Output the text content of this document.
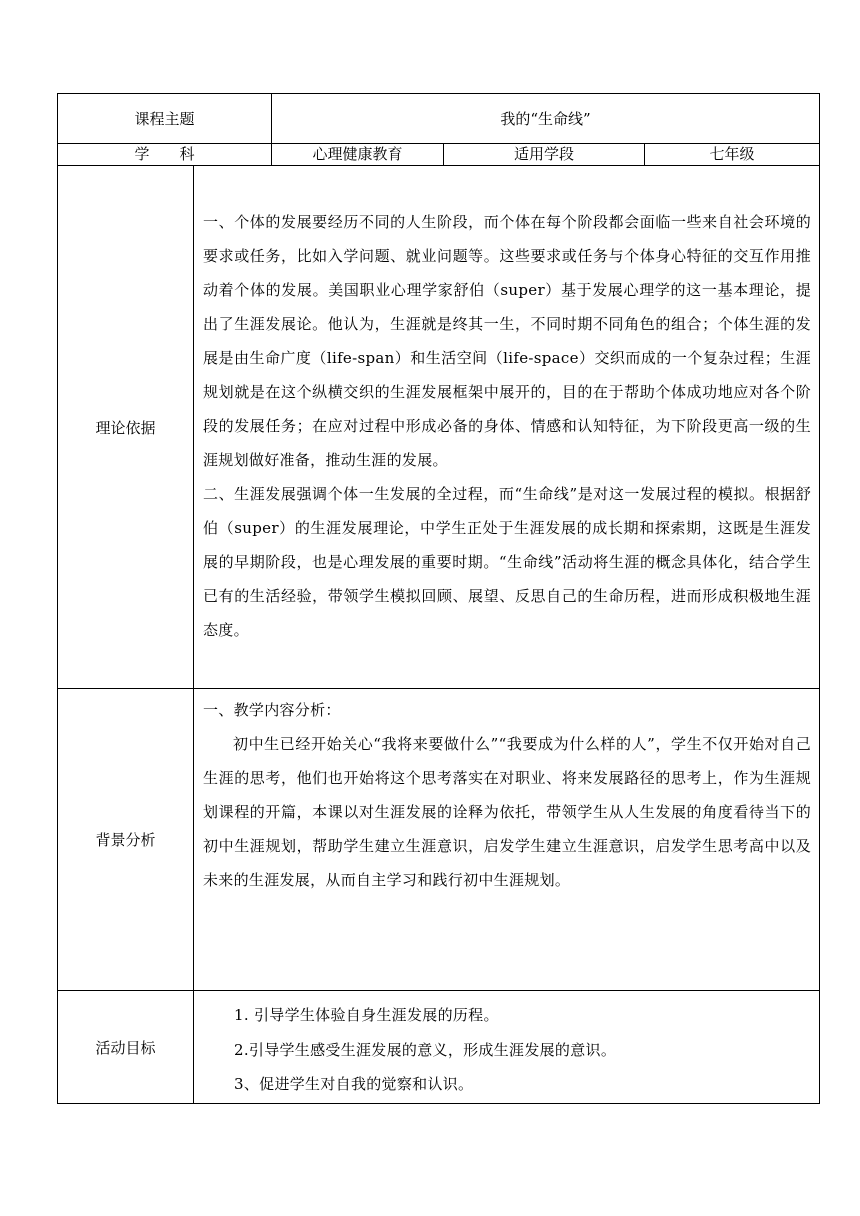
课程主题		我的“生命线”		
学　　科		心理健康教育	适用学段	七年级
理论依据	一、个体的发展要经历不同的人生阶段，而个体在每个阶段都会面临一些来自社会环境的要求或任务，比如入学问题、就业问题等。这些要求或任务与个体身心特征的交互作用推动着个体的发展。美国职业心理学家舒伯（super）基于发展心理学的这一基本理论，提出了生涯发展论。他认为，生涯就是终其一生，不同时期不同角色的组合；个体生涯的发展是由生命广度（life-span）和生活空间（life-space）交织而成的一个复杂过程；生涯规划就是在这个纵横交织的生涯发展框架中展开的，目的在于帮助个体成功地应对各个阶段的发展任务；在应对过程中形成必备的身体、情感和认知特征，为下阶段更高一级的生涯规划做好准备，推动生涯的发展。

二、生涯发展强调个体一生发展的全过程，而“生命线”是对这一发展过程的模拟。根据舒伯（super）的生涯发展理论，中学生正处于生涯发展的成长期和探索期，这既是生涯发展的早期阶段，也是心理发展的重要时期。“生命线”活动将生涯的概念具体化，结合学生已有的生活经验，带领学生模拟回顾、展望、反思自己的生命历程，进而形成积极地生涯态度。			

背景分析	一、教学内容分析：

初中生已经开始关心“我将来要做什么”“我要成为什么样的人”，学生不仅开始对自己生涯的思考，他们也开始将这个思考落实在对职业、将来发展路径的思考上，作为生涯规划课程的开篇，本课以对生涯发展的诠释为依托，带领学生从人生发展的角度看待当下的初中生涯规划，帮助学生建立生涯意识，启发学生建立生涯意识，启发学生思考高中以及未来的生涯发展，从而自主学习和践行初中生涯规划。			

活动目标	1. 引导学生体验自身生涯发展的历程。

2.引导学生感受生涯发展的意义，形成生涯发展的意识。

3、促进学生对自我的觉察和认识。			
